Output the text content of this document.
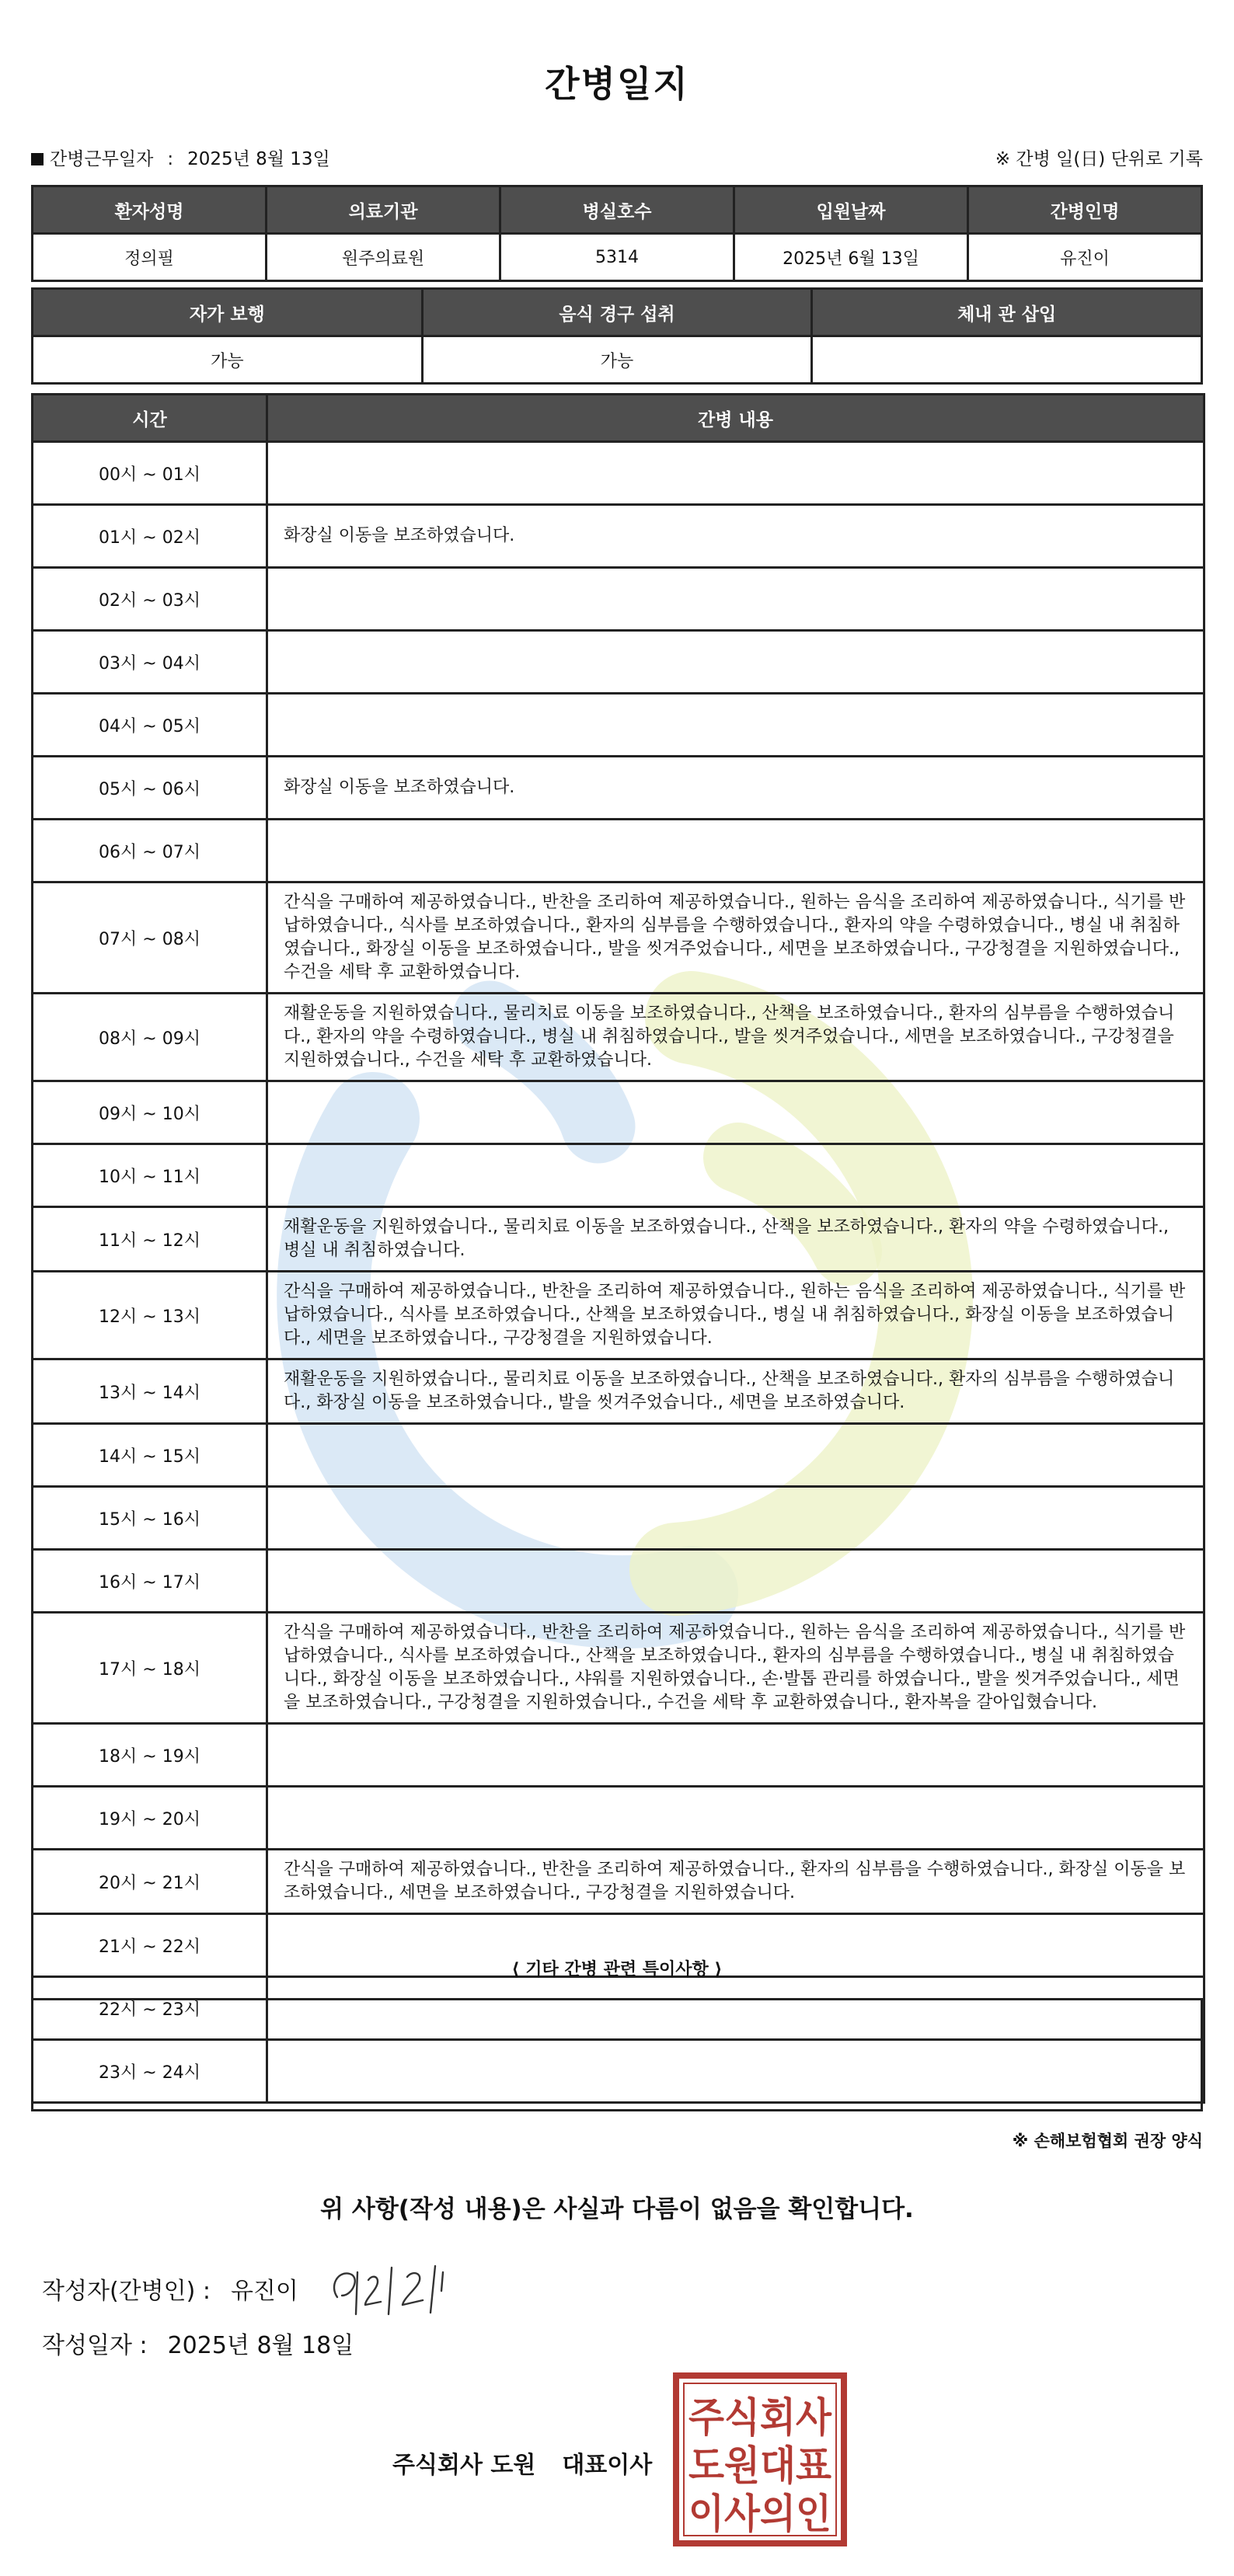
간병일지
간병근무일자 : 2025년 8월 13일	※ 간병 일(日) 단위로 기록
환자성명	의료기관	병실호수	입원날짜	간병인명
정의필	원주의료원	5314	2025년 6월 13일	유진이
자가 보행	음식 경구 섭취	체내 관 삽입
가능	가능	
시간	간병 내용
00시 ~ 01시	
01시 ~ 02시	화장실 이동을 보조하였습니다.
02시 ~ 03시	
03시 ~ 04시	
04시 ~ 05시	
05시 ~ 06시	화장실 이동을 보조하였습니다.
06시 ~ 07시	
07시 ~ 08시	간식을 구매하여 제공하였습니다., 반찬을 조리하여 제공하였습니다., 원하는 음식을 조리하여 제공하였습니다., 식기를 반납하였습니다., 식사를 보조하였습니다., 환자의 심부름을 수행하였습니다., 환자의 약을 수령하였습니다., 병실 내 취침하였습니다., 화장실 이동을 보조하였습니다., 발을 씻겨주었습니다., 세면을 보조하였습니다., 구강청결을 지원하였습니다., 수건을 세탁 후 교환하였습니다.
08시 ~ 09시	재활운동을 지원하였습니다., 물리치료 이동을 보조하였습니다., 산책을 보조하였습니다., 환자의 심부름을 수행하였습니다., 환자의 약을 수령하였습니다., 병실 내 취침하였습니다., 발을 씻겨주었습니다., 세면을 보조하였습니다., 구강청결을 지원하였습니다., 수건을 세탁 후 교환하였습니다.
09시 ~ 10시	
10시 ~ 11시	
11시 ~ 12시	재활운동을 지원하였습니다., 물리치료 이동을 보조하였습니다., 산책을 보조하였습니다., 환자의 약을 수령하였습니다., 병실 내 취침하였습니다.
12시 ~ 13시	간식을 구매하여 제공하였습니다., 반찬을 조리하여 제공하였습니다., 원하는 음식을 조리하여 제공하였습니다., 식기를 반납하였습니다., 식사를 보조하였습니다., 산책을 보조하였습니다., 병실 내 취침하였습니다., 화장실 이동을 보조하였습니다., 세면을 보조하였습니다., 구강청결을 지원하였습니다.
13시 ~ 14시	재활운동을 지원하였습니다., 물리치료 이동을 보조하였습니다., 산책을 보조하였습니다., 환자의 심부름을 수행하였습니다., 화장실 이동을 보조하였습니다., 발을 씻겨주었습니다., 세면을 보조하였습니다.
14시 ~ 15시	
15시 ~ 16시	
16시 ~ 17시	
17시 ~ 18시	간식을 구매하여 제공하였습니다., 반찬을 조리하여 제공하였습니다., 원하는 음식을 조리하여 제공하였습니다., 식기를 반납하였습니다., 식사를 보조하였습니다., 산책을 보조하였습니다., 환자의 심부름을 수행하였습니다., 병실 내 취침하였습니다., 화장실 이동을 보조하였습니다., 샤워를 지원하였습니다., 손·발톱 관리를 하였습니다., 발을 씻겨주었습니다., 세면을 보조하였습니다., 구강청결을 지원하였습니다., 수건을 세탁 후 교환하였습니다., 환자복을 갈아입혔습니다.
18시 ~ 19시	
19시 ~ 20시	
20시 ~ 21시	간식을 구매하여 제공하였습니다., 반찬을 조리하여 제공하였습니다., 환자의 심부름을 수행하였습니다., 화장실 이동을 보조하였습니다., 세면을 보조하였습니다., 구강청결을 지원하였습니다.
21시 ~ 22시	
22시 ~ 23시	
23시 ~ 24시	
⟨ 기타 간병 관련 특이사항 ⟩
※ 손해보험협회 권장 양식
위 사항(작성 내용)은 사실과 다름이 없음을 확인합니다.
작성자(간병인) : 유진이
작성일자 : 2025년 8월 18일
주식회사 도원 대표이사
주식회사
도원대표
이사의인
